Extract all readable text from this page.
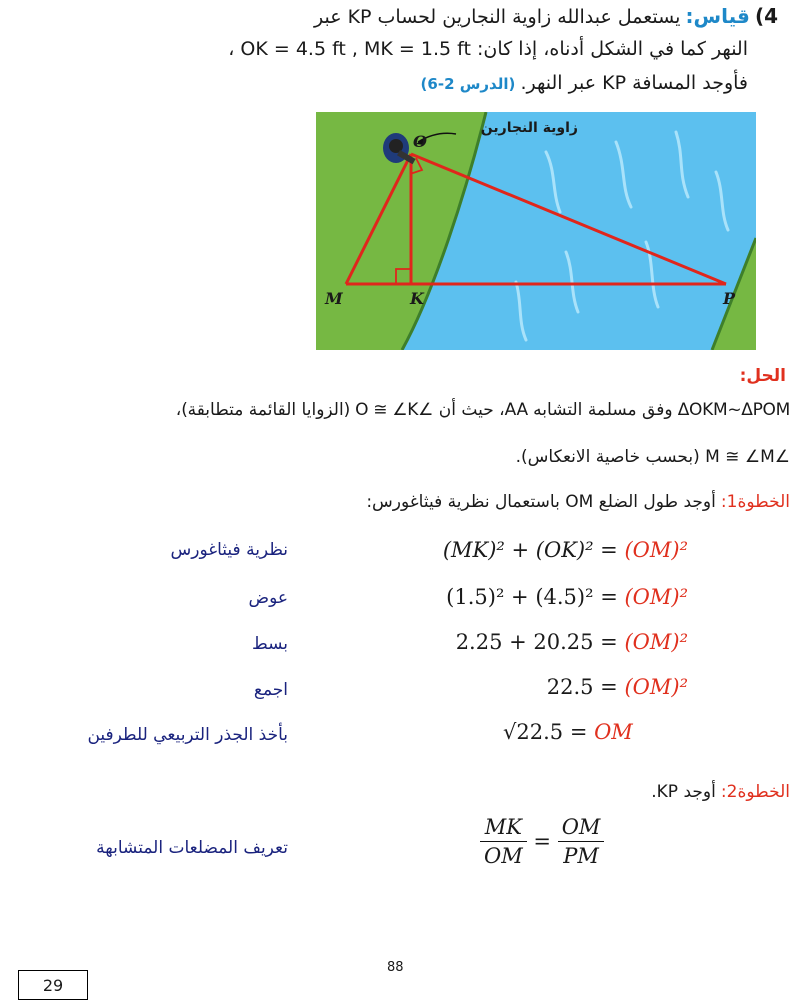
4) قياس: يستعمل عبدالله زاوية النجارين لحساب KP عبر
النهر كما في الشكل أدناه، إذا كان: OK = 4.5 ft , MK = 1.5 ft ،
فأوجد المسافة KP عبر النهر. (الدرس 2-6)
زاوية النجارين
O
M	K	P
الحل:
ΔOKM~ΔPOM وفق مسلمة التشابه AA، حيث أن ∠O ≅ ∠K (الزوايا القائمة متطابقة)،
∠M ≅ ∠M (بحسب خاصية الانعكاس).
الخطوة1: أوجد طول الضلع OM باستعمال نظرية فيثاغورس:
(MK)² + (OK)² = (OM)²
نظرية فيثاغورس
(1.5)² + (4.5)² = (OM)²
عوض
2.25 + 20.25 = (OM)²
بسط
22.5 = (OM)²
اجمع
√22.5 = OM
بأخذ الجذر التربيعي للطرفين
الخطوة2: أوجد KP.
$\frac{MK}{OM} = \frac{OM}{PM}$
تعريف المضلعات المتشابهة
88
29
